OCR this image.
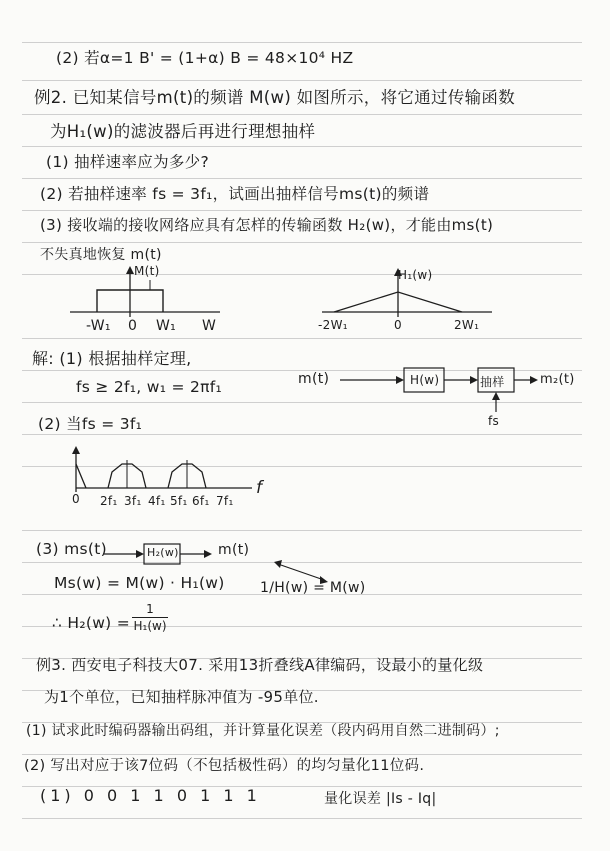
(2) 若α=1 B' = (1+α) B = 48×10⁴ HZ
例2. 已知某信号m(t)的频谱 M(w) 如图所示，将它通过传输函数
为H₁(w)的滤波器后再进行理想抽样
(1) 抽样速率应为多少?
(2) 若抽样速率 fs = 3f₁，试画出抽样信号ms(t)的频谱
(3) 接收端的接收网络应具有怎样的传输函数 H₂(w)，才能由ms(t)
不失真地恢复 m(t)
M(t)
-W₁ 0 W₁ W
H₁(w)
-2W₁	0	2W₁
解: (1) 根据抽样定理,
fs ≥ 2f₁, w₁ = 2πf₁	m(t)	H(w)	抽样	m₂(t)
fs
(2) 当fs = 3f₁
0 2f₁ 3f₁ 4f₁ 5f₁ 6f₁ 7f₁
f
(3) ms(t)	H₂(w)	m(t)
Ms(w) = M(w) · H₁(w)	1/H(w) = M(w)
∴ H₂(w) =
1
H₁(w)
例3. 西安电子科技大07. 采用13折叠线A律编码，设最小的量化级
为1个单位，已知抽样脉冲值为 -95单位.
(1) 试求此时编码器输出码组，并计算量化误差（段内码用自然二进制码）;
(2) 写出对应于该7位码（不包括极性码）的均匀量化11位码.
(1) 0 0 1 1 0 1 1 1	量化误差 |Is - Iq|
